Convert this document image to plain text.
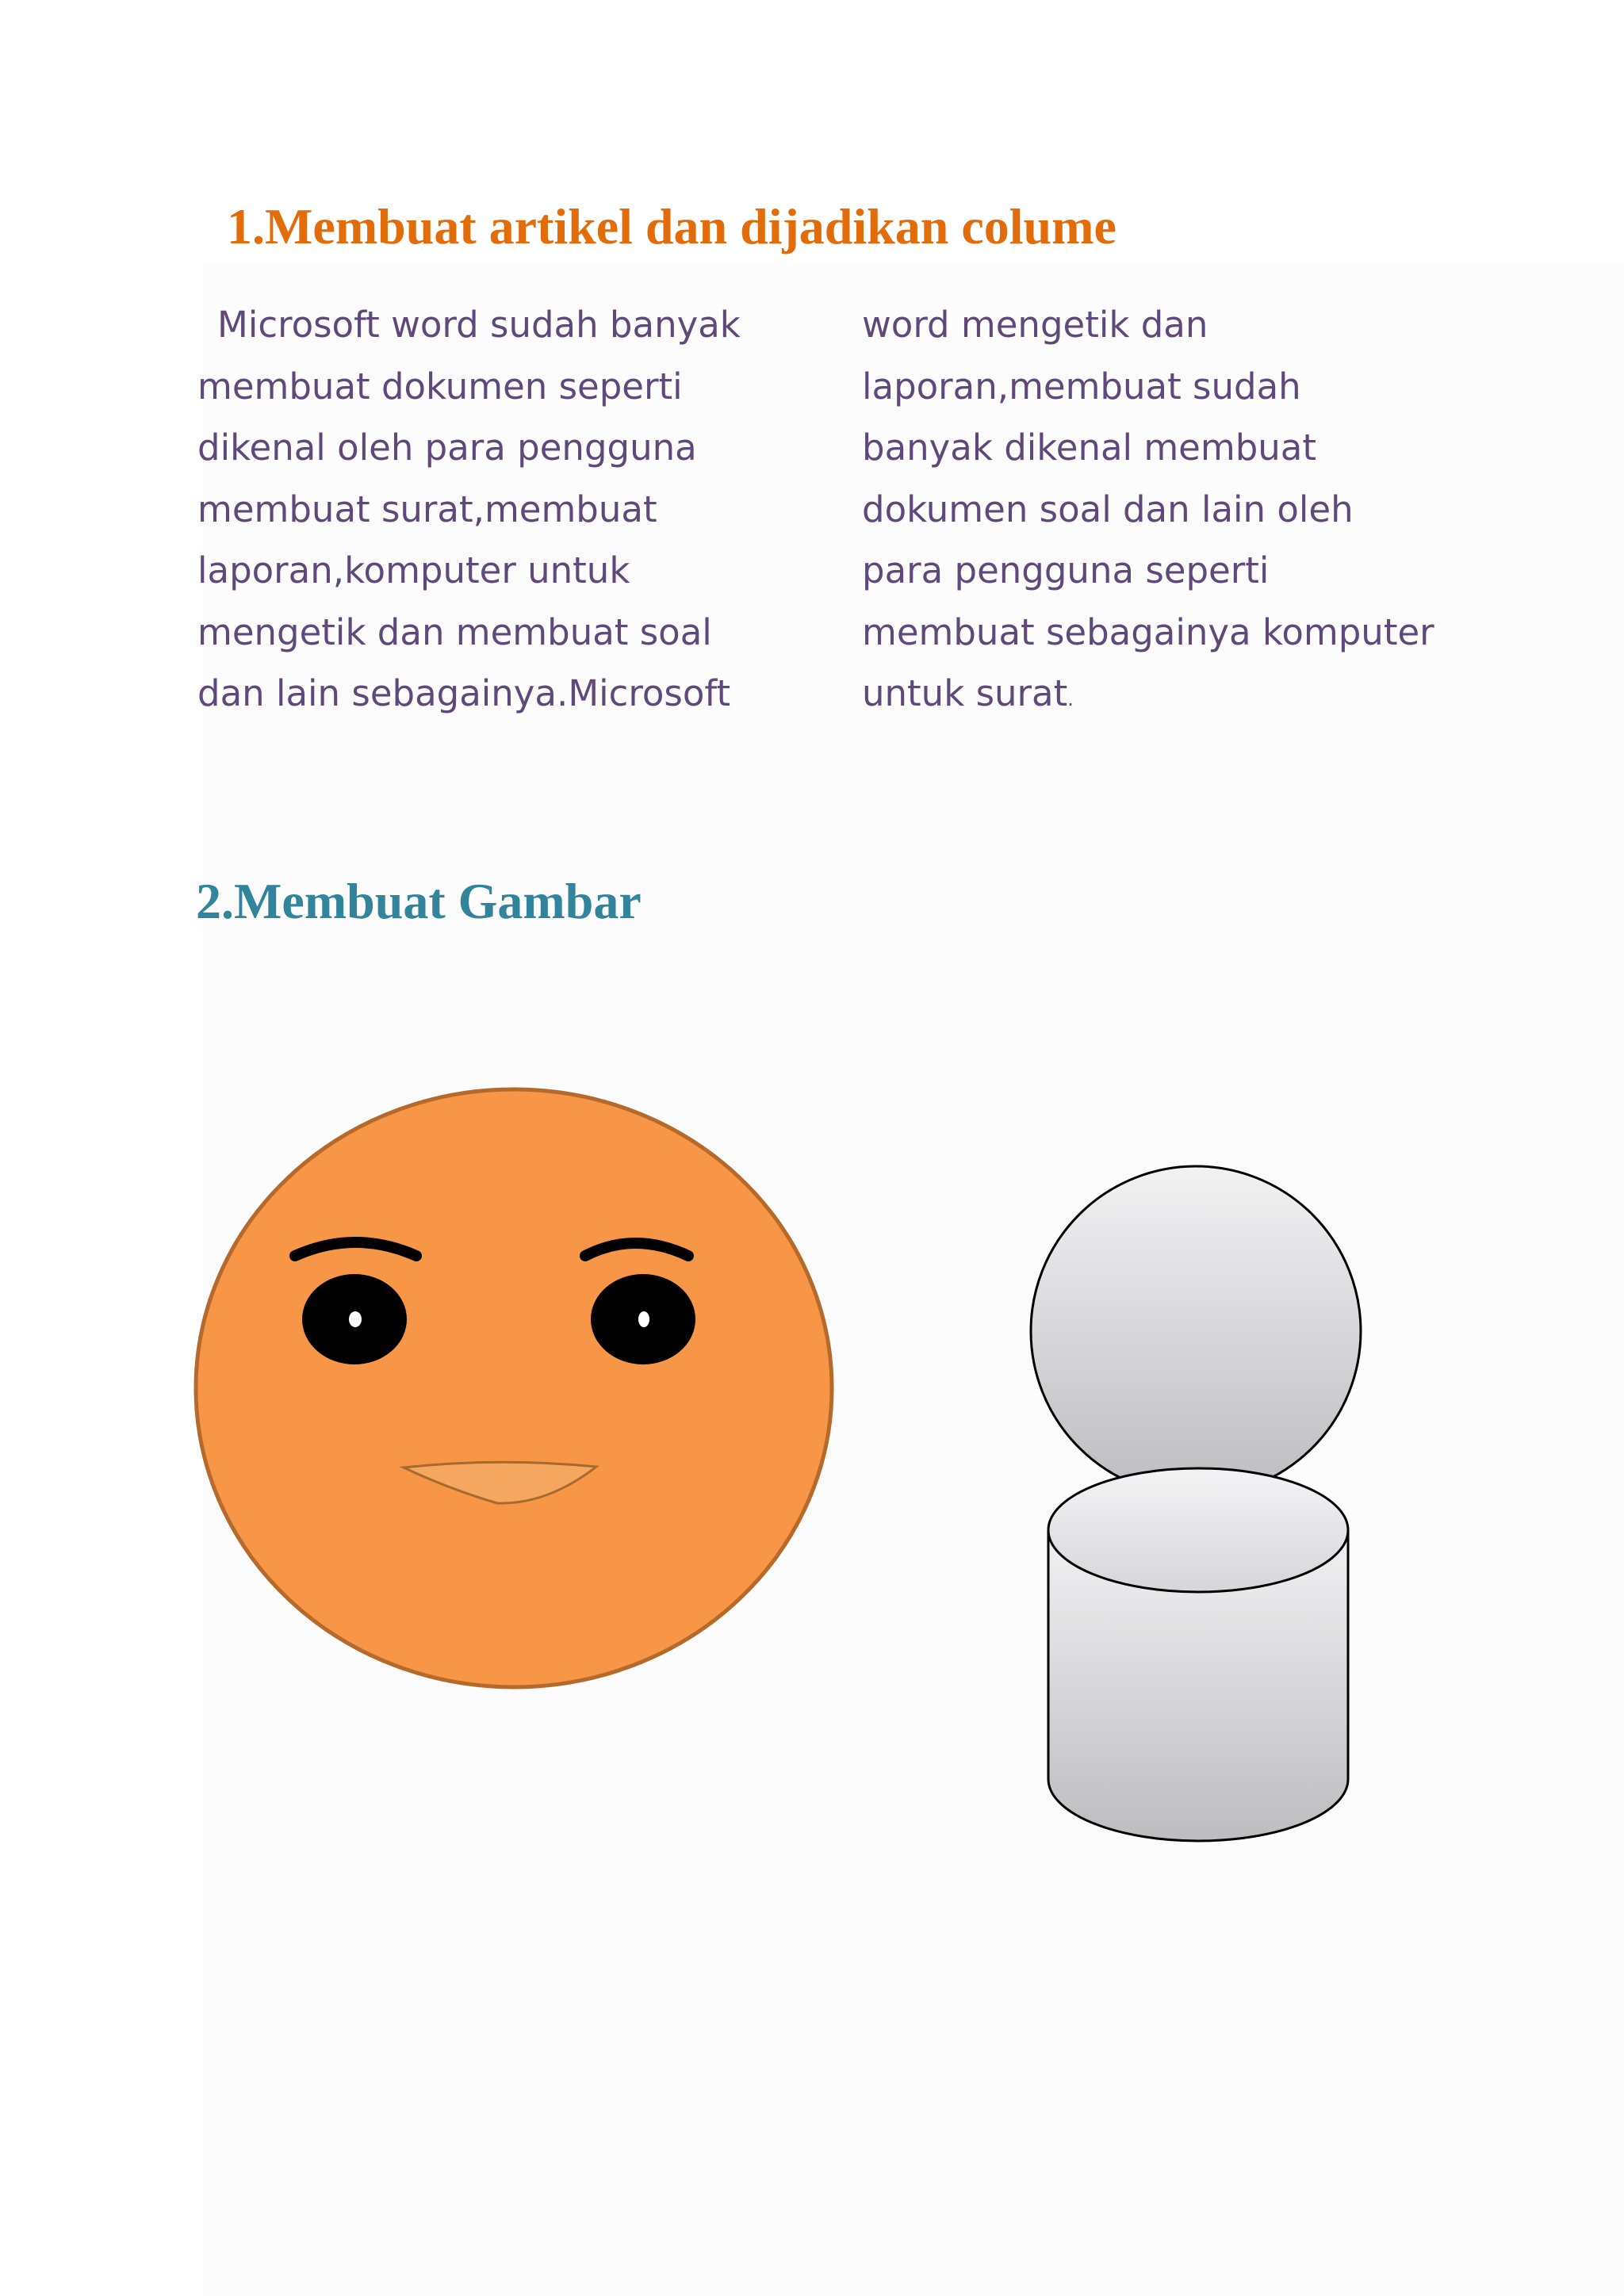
1.Membuat artikel dan dijadikan colume
Microsoft word sudah banyak
membuat dokumen seperti
dikenal oleh para pengguna
membuat surat,membuat
laporan,komputer untuk
mengetik dan membuat soal
dan lain sebagainya.Microsoft
word mengetik dan
laporan,membuat sudah
banyak dikenal membuat
dokumen soal dan lain oleh
para pengguna seperti
membuat sebagainya komputer
untuk surat.
2.Membuat Gambar
